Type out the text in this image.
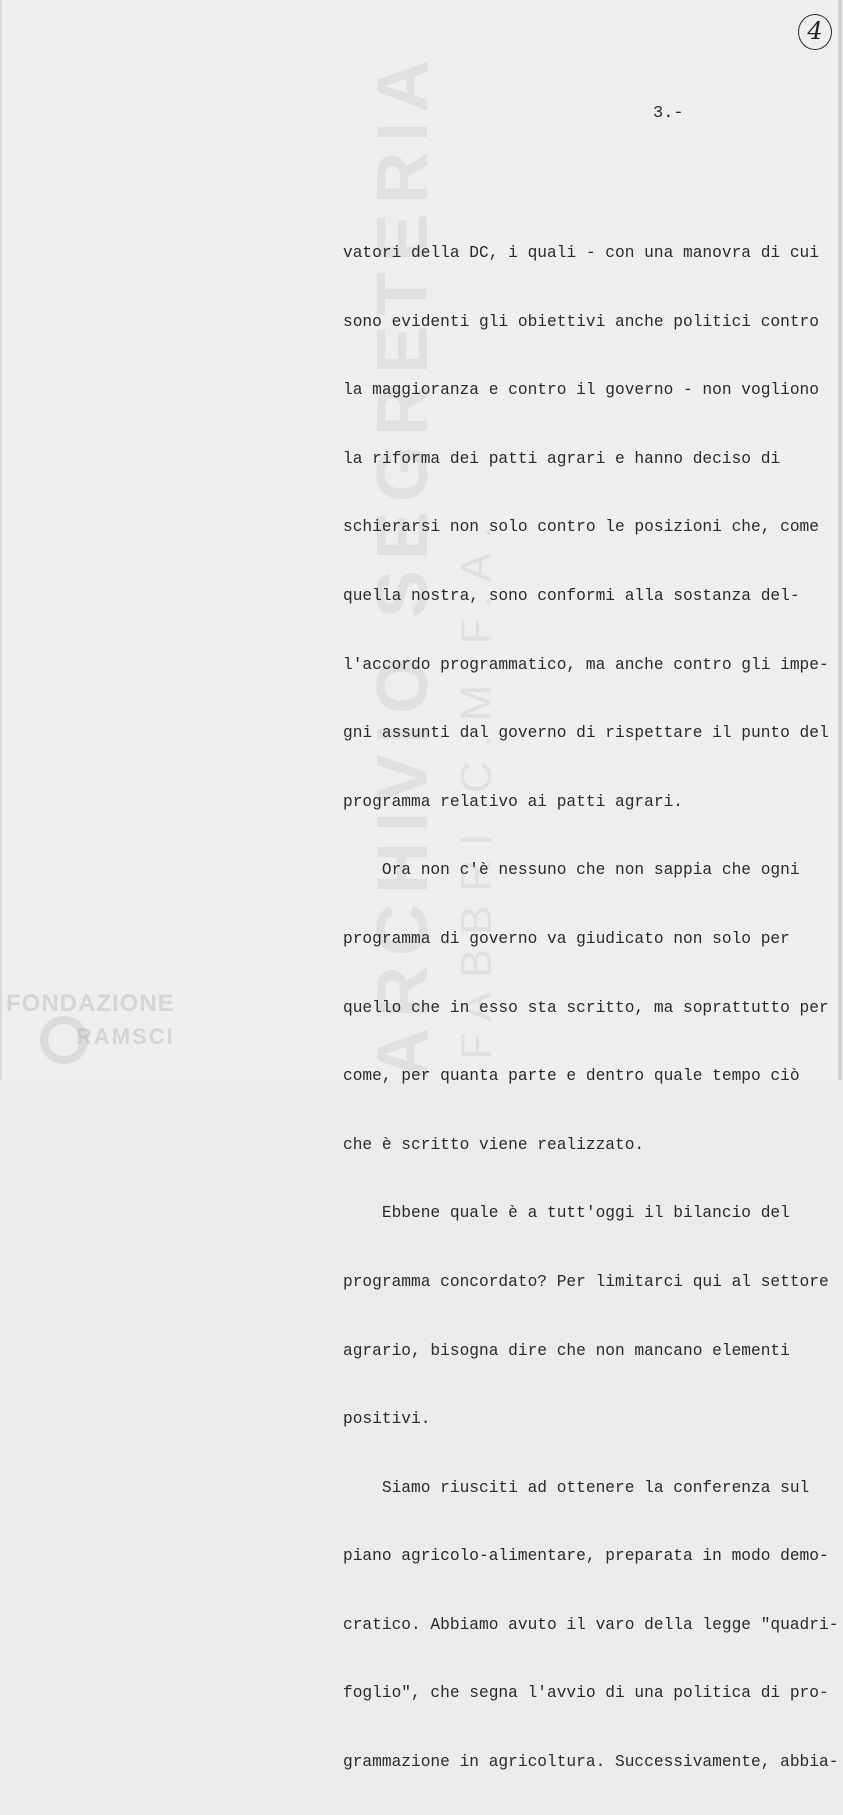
ARCHIVIO SEGRETERIA FABBRI C.M.F.A.
4
3.-

vatori della DC, i quali - con una manovra di cui

sono evidenti gli obiettivi anche politici contro

la maggioranza e contro il governo - non vogliono

la riforma dei patti agrari e hanno deciso di

schierarsi non solo contro le posizioni che, come

quella nostra, sono conformi alla sostanza del-

l'accordo programmatico, ma anche contro gli impe-

gni assunti dal governo di rispettare il punto del

programma relativo ai patti agrari.

Ora non c'è nessuno che non sappia che ogni

programma di governo va giudicato non solo per

quello che in esso sta scritto, ma soprattutto per

come, per quanta parte e dentro quale tempo ciò

che è scritto viene realizzato.

Ebbene quale è a tutt'oggi il bilancio del

programma concordato? Per limitarci qui al settore

agrario, bisogna dire che non mancano elementi

positivi.

Siamo riusciti ad ottenere la conferenza sul

piano agricolo-alimentare, preparata in modo demo-

cratico. Abbiamo avuto il varo della legge "quadri-

foglio", che segna l'avvio di una politica di pro-

grammazione in agricoltura. Successivamente, abbia-

FONDAZIONE
RAMSCI
